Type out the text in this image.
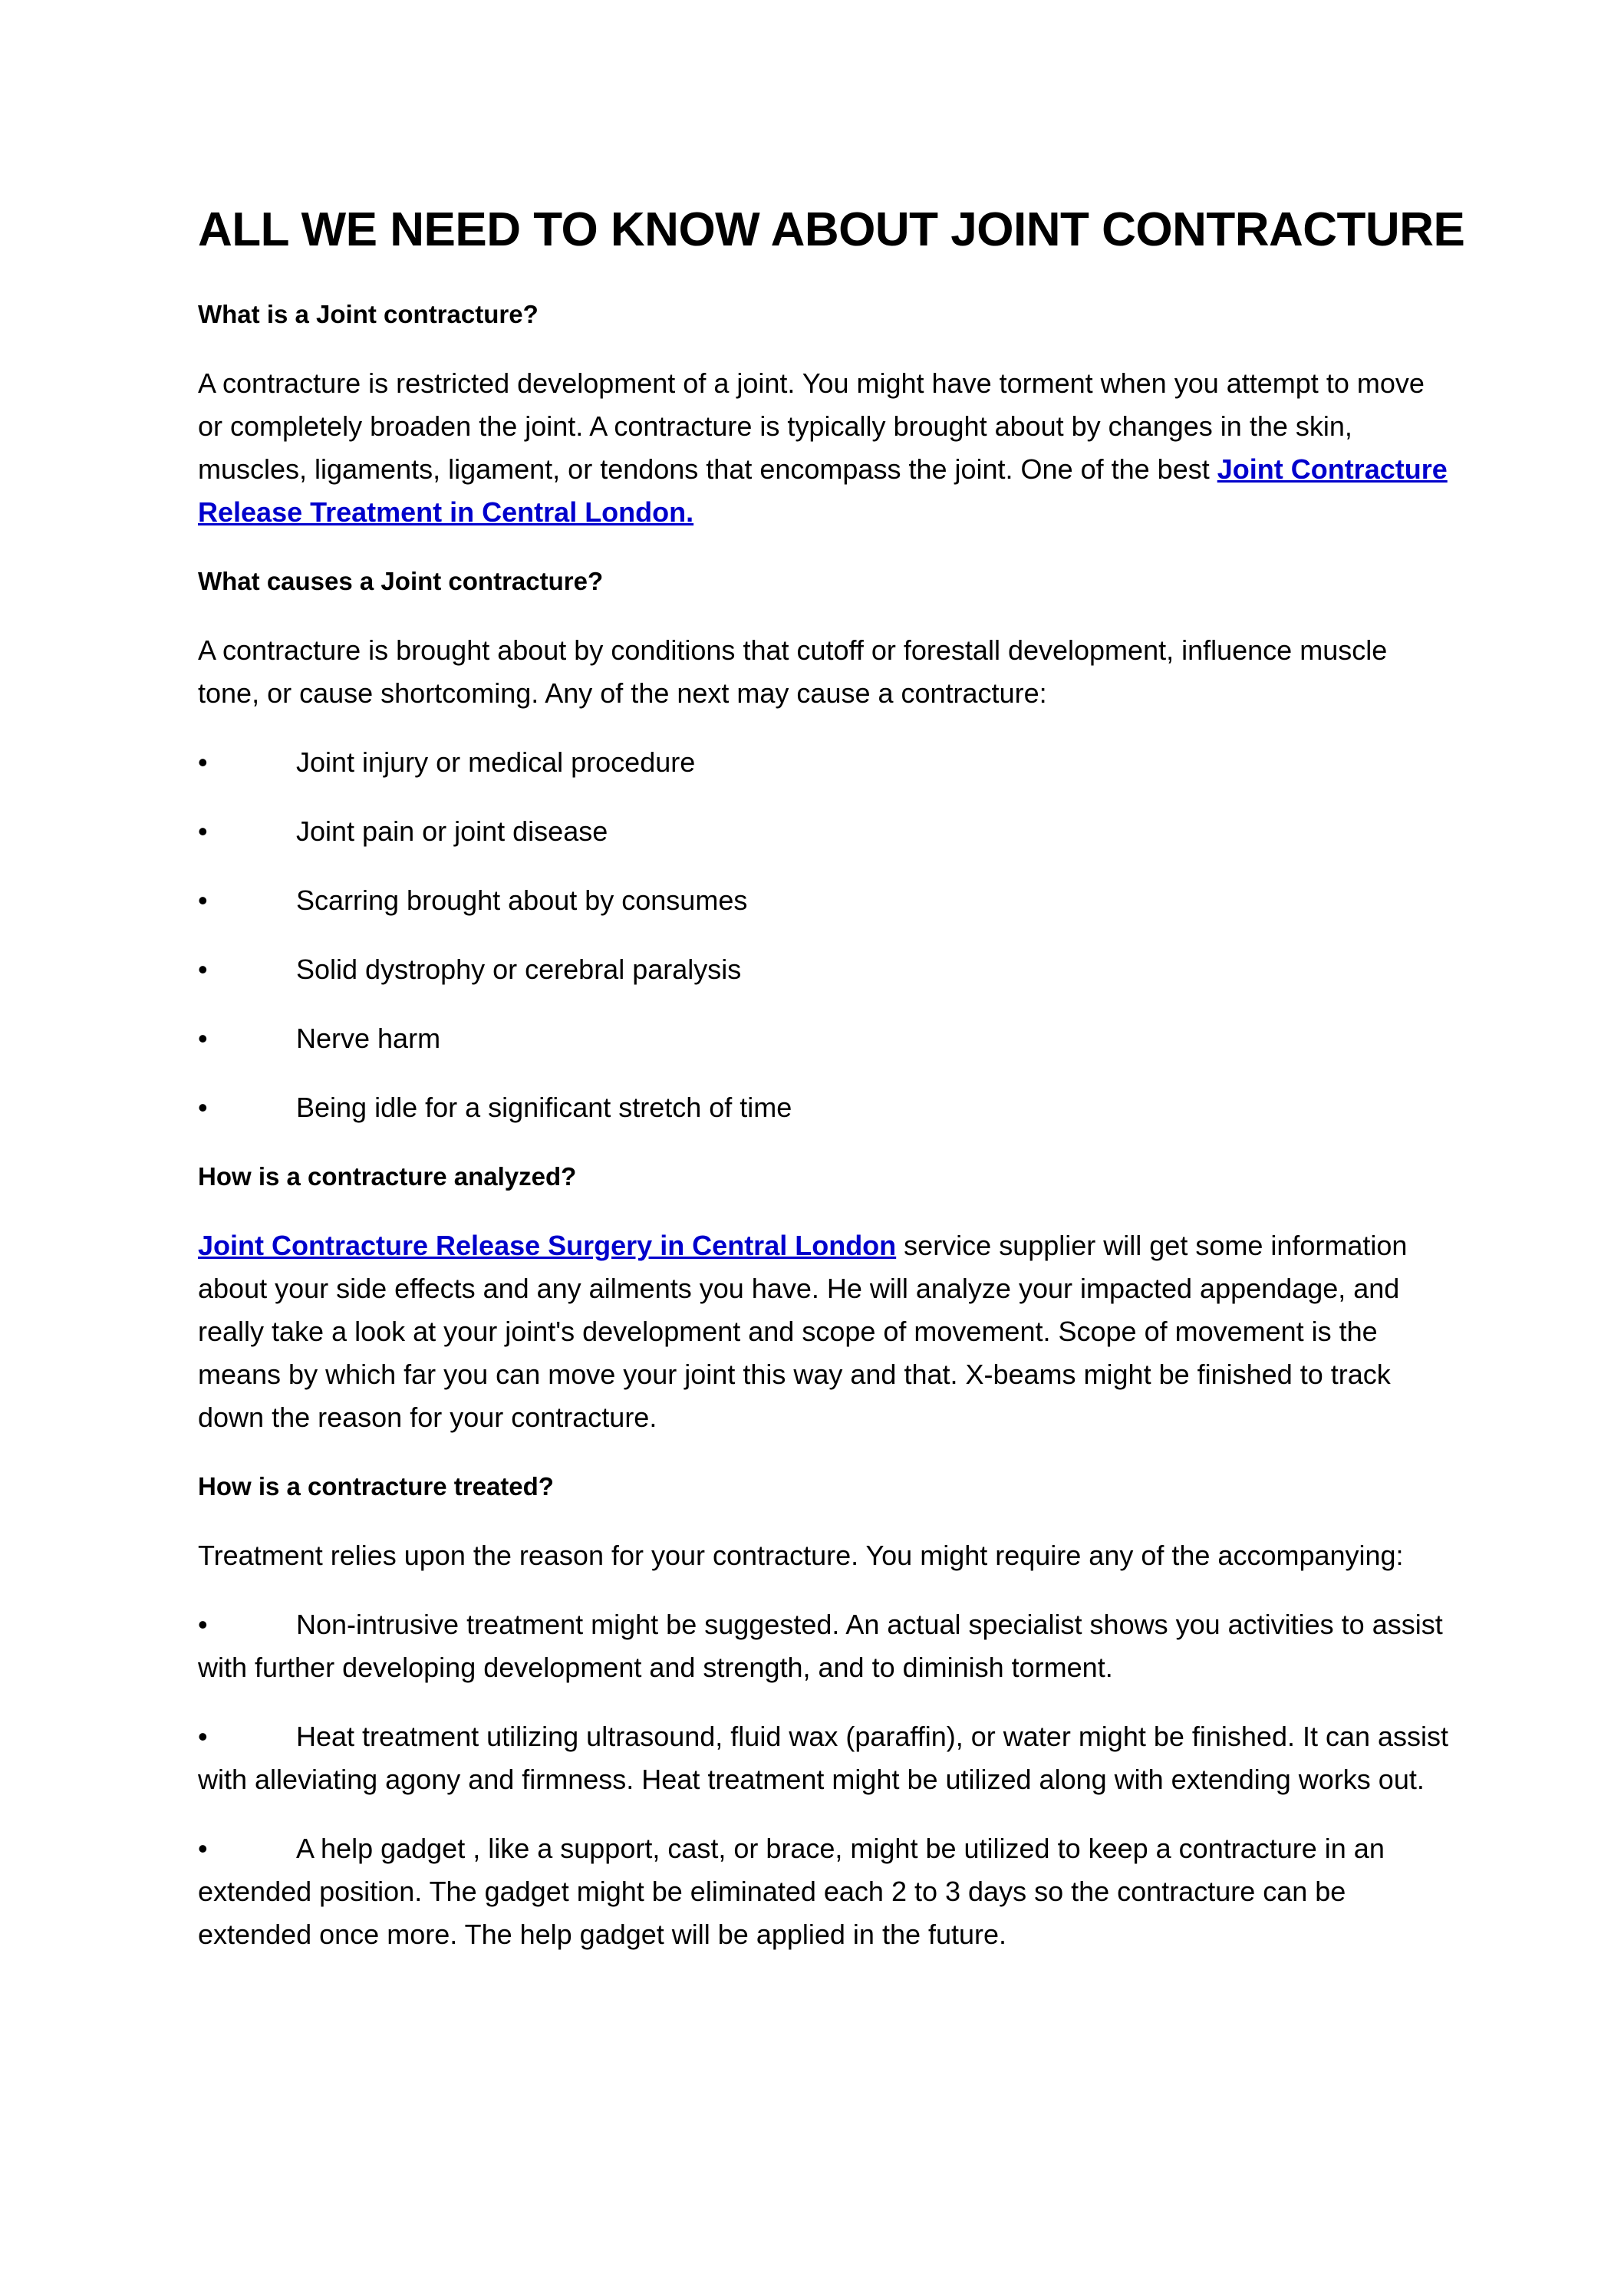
ALL WE NEED TO KNOW ABOUT JOINT CONTRACTURE
What is a Joint contracture?

A contracture is restricted development of a joint. You might have torment when you attempt to move or completely broaden the joint. A contracture is typically brought about by changes in the skin, muscles, ligaments, ligament, or tendons that encompass the joint. One of the best Joint Contracture Release Treatment in Central London.

What causes a Joint contracture?

A contracture is brought about by conditions that cutoff or forestall development, influence muscle tone, or cause shortcoming. Any of the next may cause a contracture:

•	Joint injury or medical procedure
•	Joint pain or joint disease
•	Scarring brought about by consumes
•	Solid dystrophy or cerebral paralysis
•	Nerve harm
•	Being idle for a significant stretch of time
How is a contracture analyzed?

Joint Contracture Release Surgery in Central London service supplier will get some information about your side effects and any ailments you have. He will analyze your impacted appendage, and really take a look at your joint's development and scope of movement. Scope of movement is the means by which far you can move your joint this way and that. X-beams might be finished to track down the reason for your contracture.

How is a contracture treated?

Treatment relies upon the reason for your contracture. You might require any of the accompanying:

•	Non-intrusive treatment might be suggested. An actual specialist shows you activities to assist with further developing development and strength, and to diminish torment.
•	Heat treatment utilizing ultrasound, fluid wax (paraffin), or water might be finished. It can assist with alleviating agony and firmness. Heat treatment might be utilized along with extending works out.
•	A help gadget , like a support, cast, or brace, might be utilized to keep a contracture in an extended position. The gadget might be eliminated each 2 to 3 days so the contracture can be extended once more. The help gadget will be applied in the future.
